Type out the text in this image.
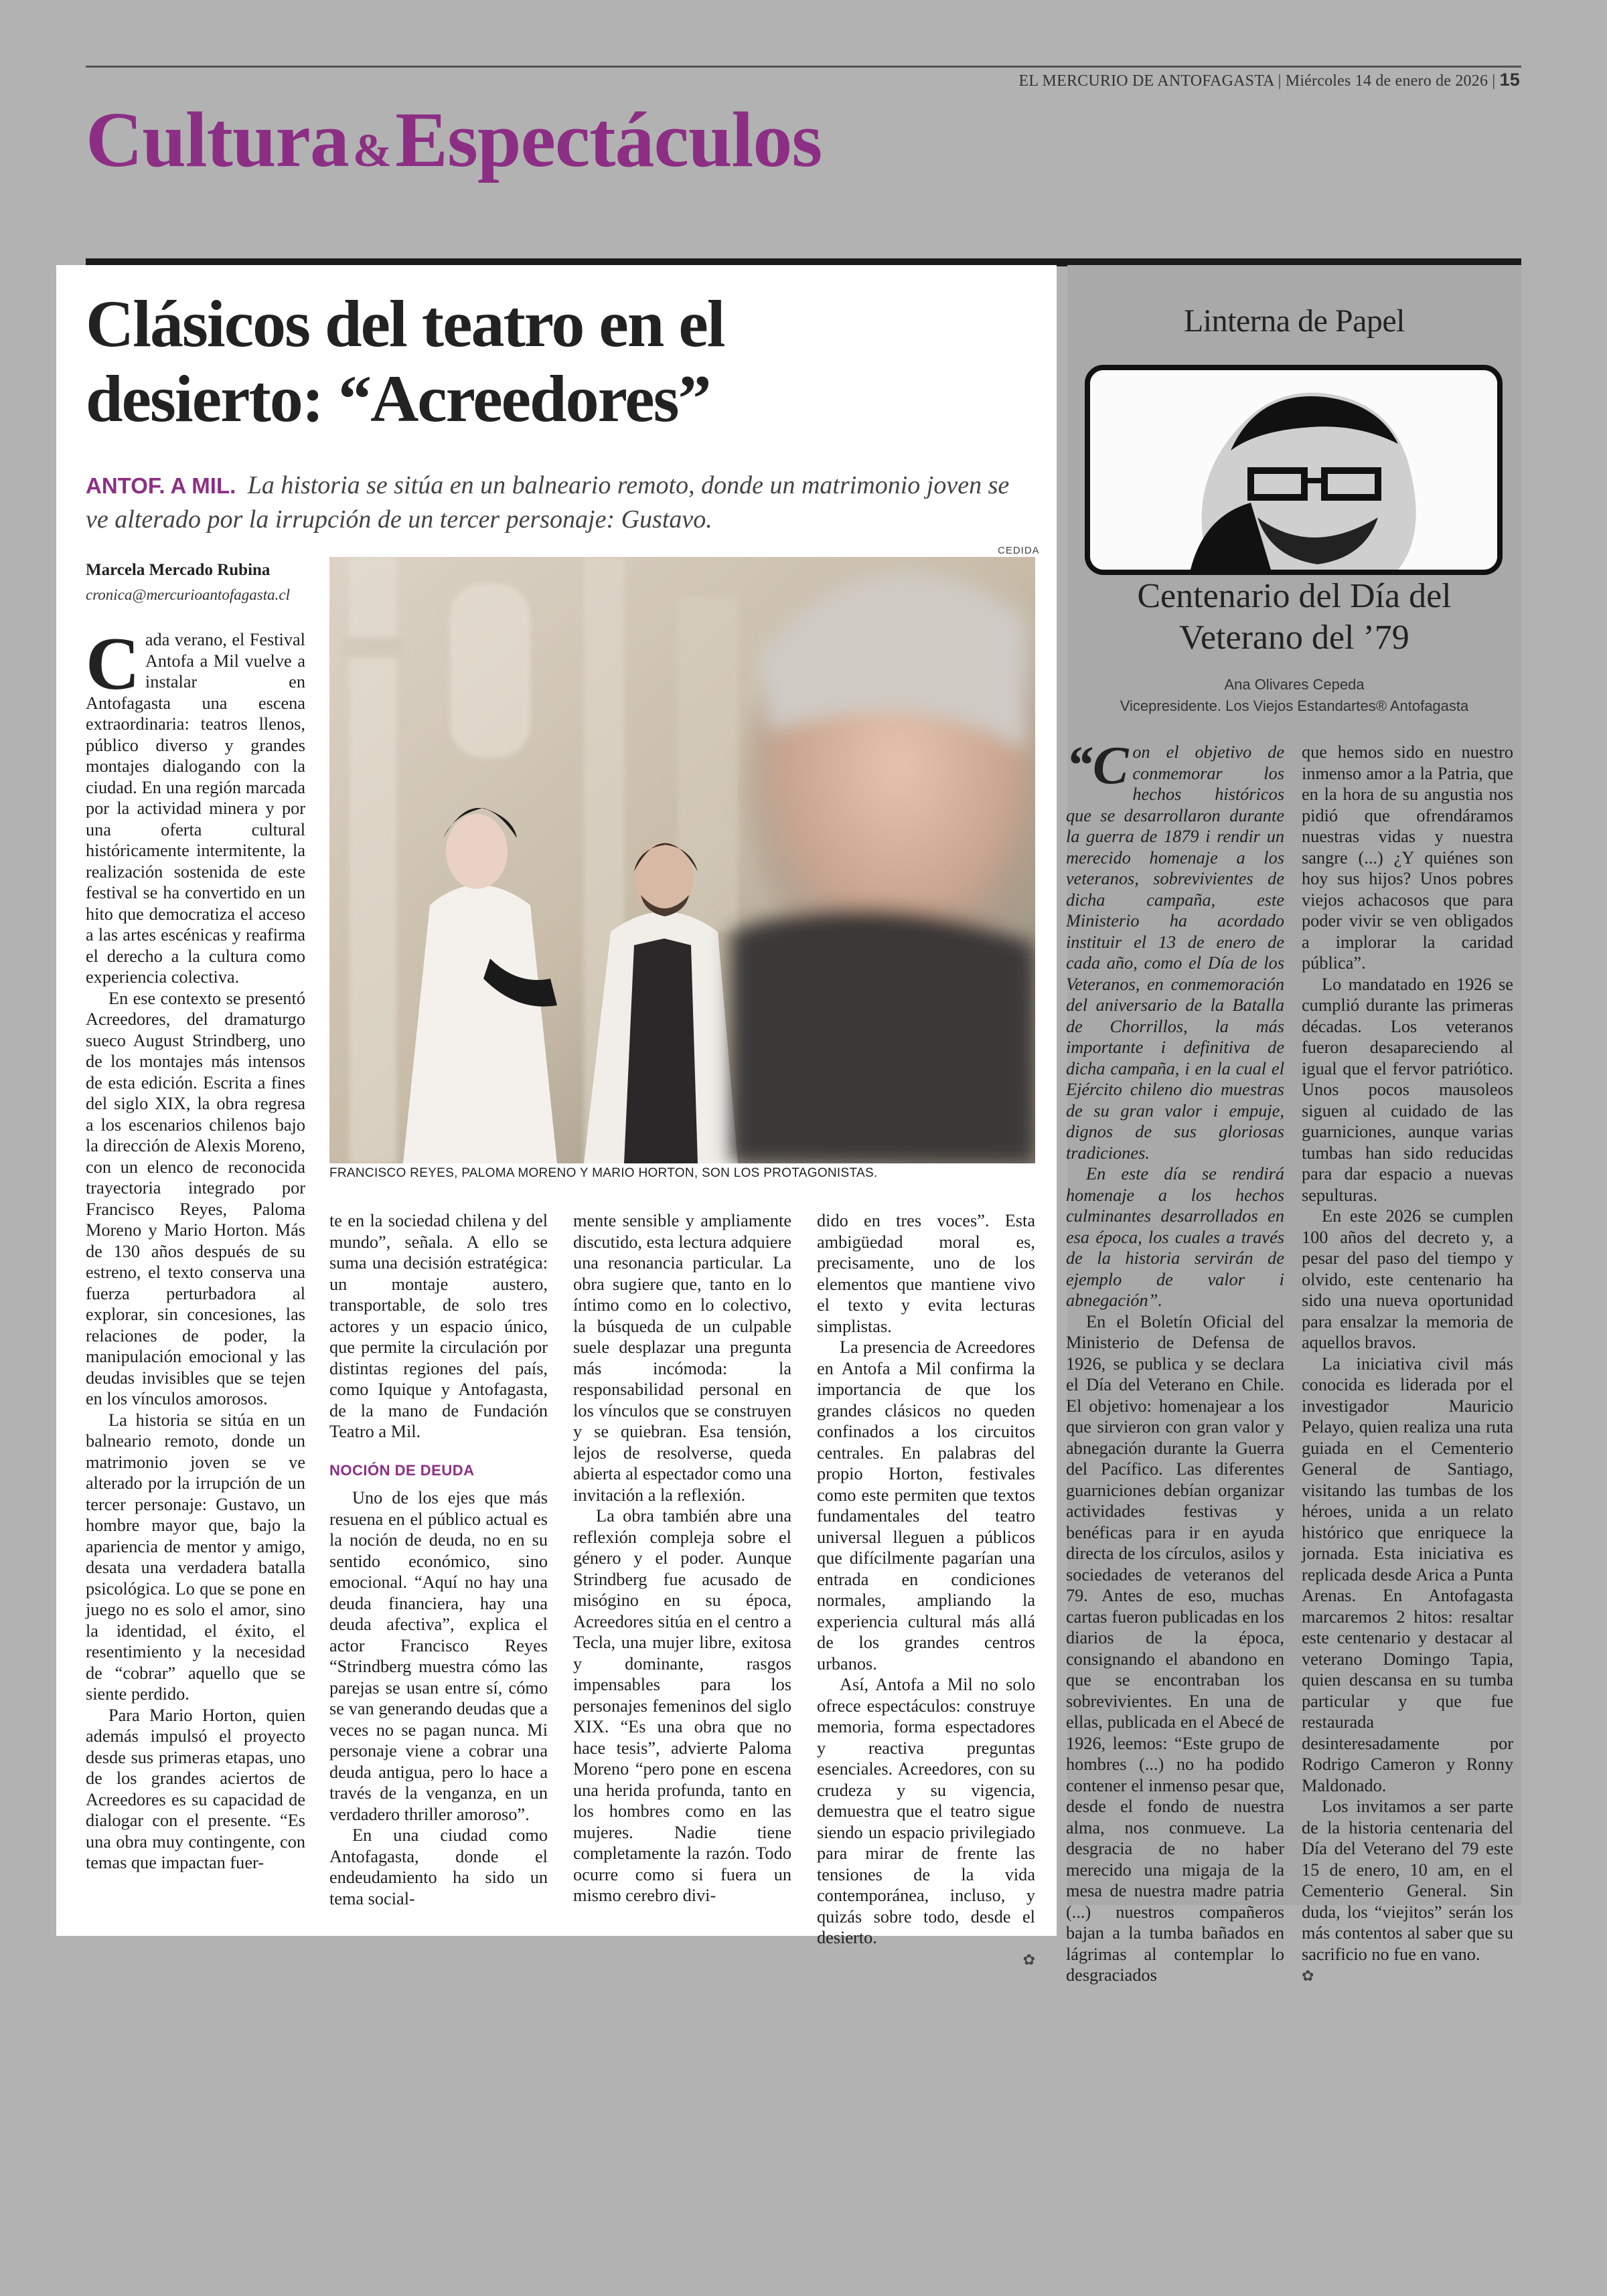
EL MERCURIO DE ANTOFAGASTA | Miércoles 14 de enero de 2026 | 15
Cultura&Espectáculos
Clásicos del teatro en el
desierto: “Acreedores”
ANTOF. A MIL. La historia se sitúa en un balneario remoto, donde un matrimonio joven se ve alterado por la irrupción de un tercer personaje: Gustavo.
Marcela Mercado Rubina
cronica@mercurioantofagasta.cl
CEDIDA
FRANCISCO REYES, PALOMA MORENO Y MARIO HORTON, SON LOS PROTAGONISTAS.

Cada verano, el Festival Antofa a Mil vuelve a instalar en Antofagasta una escena extraordinaria: teatros llenos, público diverso y grandes montajes dialogando con la ciudad. En una región marcada por la actividad minera y por una oferta cultural históricamente intermitente, la realización sostenida de este festival se ha convertido en un hito que democratiza el acceso a las artes escénicas y reafirma el derecho a la cultura como experiencia colectiva.

En ese contexto se presentó Acreedores, del dramaturgo sueco August Strindberg, uno de los montajes más intensos de esta edición. Escrita a fines del siglo XIX, la obra regresa a los escenarios chilenos bajo la dirección de Alexis Moreno, con un elenco de reconocida trayectoria integrado por Francisco Reyes, Paloma Moreno y Mario Horton. Más de 130 años después de su estreno, el texto conserva una fuerza perturbadora al explorar, sin concesiones, las relaciones de poder, la manipulación emocional y las deudas invisibles que se tejen en los vínculos amorosos.

La historia se sitúa en un balneario remoto, donde un matrimonio joven se ve alterado por la irrupción de un tercer personaje: Gustavo, un hombre mayor que, bajo la apariencia de mentor y amigo, desata una verdadera batalla psicológica. Lo que se pone en juego no es solo el amor, sino la identidad, el éxito, el resentimiento y la necesidad de “cobrar” aquello que se siente perdido.

Para Mario Horton, quien además impulsó el proyecto desde sus primeras etapas, uno de los grandes aciertos de Acreedores es su capacidad de dialogar con el presente. “Es una obra muy contingente, con temas que impactan fuer-

te en la sociedad chilena y del mundo”, señala. A ello se suma una decisión estratégica: un montaje austero, transportable, de solo tres actores y un espacio único, que permite la circulación por distintas regiones del país, como Iquique y Antofagasta, de la mano de Fundación Teatro a Mil.

NOCIÓN DE DEUDA

Uno de los ejes que más resuena en el público actual es la noción de deuda, no en su sentido económico, sino emocional. “Aquí no hay una deuda financiera, hay una deuda afectiva”, explica el actor Francisco Reyes “Strindberg muestra cómo las parejas se usan entre sí, cómo se van generando deudas que a veces no se pagan nunca. Mi personaje viene a cobrar una deuda antigua, pero lo hace a través de la venganza, en un verdadero thriller amoroso”.

En una ciudad como Antofagasta, donde el endeudamiento ha sido un tema social-

mente sensible y ampliamente discutido, esta lectura adquiere una resonancia particular. La obra sugiere que, tanto en lo íntimo como en lo colectivo, la búsqueda de un culpable suele desplazar una pregunta más incómoda: la responsabilidad personal en los vínculos que se construyen y se quiebran. Esa tensión, lejos de resolverse, queda abierta al espectador como una invitación a la reflexión.

La obra también abre una reflexión compleja sobre el género y el poder. Aunque Strindberg fue acusado de misógino en su época, Acreedores sitúa en el centro a Tecla, una mujer libre, exitosa y dominante, rasgos impensables para los personajes femeninos del siglo XIX. “Es una obra que no hace tesis”, advierte Paloma Moreno “pero pone en escena una herida profunda, tanto en los hombres como en las mujeres. Nadie tiene completamente la razón. Todo ocurre como si fuera un mismo cerebro divi-

dido en tres voces”. Esta ambigüedad moral es, precisamente, uno de los elementos que mantiene vivo el texto y evita lecturas simplistas.

La presencia de Acreedores en Antofa a Mil confirma la importancia de que los grandes clásicos no queden confinados a los circuitos centrales. En palabras del propio Horton, festivales como este permiten que textos fundamentales del teatro universal lleguen a públicos que difícilmente pagarían una entrada en condiciones normales, ampliando la experiencia cultural más allá de los grandes centros urbanos.

Así, Antofa a Mil no solo ofrece espectáculos: construye memoria, forma espectadores y reactiva preguntas esenciales. Acreedores, con su crudeza y su vigencia, demuestra que el teatro sigue siendo un espacio privilegiado para mirar de frente las tensiones de la vida contemporánea, incluso, y quizás sobre todo, desde el desierto.

✿
Linterna de Papel
Centenario del Día del
Veterano del ’79
Ana Olivares Cepeda
Vicepresidente. Los Viejos Estandartes® Antofagasta

“Con el objetivo de conmemorar los hechos históricos que se desarrollaron durante la guerra de 1879 i rendir un merecido homenaje a los veteranos, sobrevivientes de dicha campaña, este Ministerio ha acordado instituir el 13 de enero de cada año, como el Día de los Veteranos, en conmemoración del aniversario de la Batalla de Chorrillos, la más importante i definitiva de dicha campaña, i en la cual el Ejército chileno dio muestras de su gran valor i empuje, dignos de sus gloriosas tradiciones.

En este día se rendirá homenaje a los hechos culminantes desarrollados en esa época, los cuales a través de la historia servirán de ejemplo de valor i abnegación”.

En el Boletín Oficial del Ministerio de Defensa de 1926, se publica y se declara el Día del Veterano en Chile. El objetivo: homenajear a los que sirvieron con gran valor y abnegación durante la Guerra del Pacífico. Las diferentes guarniciones debían organizar actividades festivas y benéficas para ir en ayuda directa de los círculos, asilos y sociedades de veteranos del 79. Antes de eso, muchas cartas fueron publicadas en los diarios de la época, consignando el abandono en que se encontraban los sobrevivientes. En una de ellas, publicada en el Abecé de 1926, leemos: “Este grupo de hombres (...) no ha podido contener el inmenso pesar que, desde el fondo de nuestra alma, nos conmueve. La desgracia de no haber merecido una migaja de la mesa de nuestra madre patria (...) nuestros compañeros bajan a la tumba bañados en lágrimas al contemplar lo desgraciados

que hemos sido en nuestro inmenso amor a la Patria, que en la hora de su angustia nos pidió que ofrendáramos nuestras vidas y nuestra sangre (...) ¿Y quiénes son hoy sus hijos? Unos pobres viejos achacosos que para poder vivir se ven obligados a implorar la caridad pública”.

Lo mandatado en 1926 se cumplió durante las primeras décadas. Los veteranos fueron desapareciendo al igual que el fervor patriótico. Unos pocos mausoleos siguen al cuidado de las guarniciones, aunque varias tumbas han sido reducidas para dar espacio a nuevas sepulturas.

En este 2026 se cumplen 100 años del decreto y, a pesar del paso del tiempo y olvido, este centenario ha sido una nueva oportunidad para ensalzar la memoria de aquellos bravos.

La iniciativa civil más conocida es liderada por el investigador Mauricio Pelayo, quien realiza una ruta guiada en el Cementerio General de Santiago, visitando las tumbas de los héroes, unida a un relato histórico que enriquece la jornada. Esta iniciativa es replicada desde Arica a Punta Arenas. En Antofagasta marcaremos 2 hitos: resaltar este centenario y destacar al veterano Domingo Tapia, quien descansa en su tumba particular y que fue restaurada desinteresadamente por Rodrigo Cameron y Ronny Maldonado.

Los invitamos a ser parte de la historia centenaria del Día del Veterano del 79 este 15 de enero, 10 am, en el Cementerio General. Sin duda, los “viejitos” serán los más contentos al saber que su sacrificio no fue en vano.

✿
